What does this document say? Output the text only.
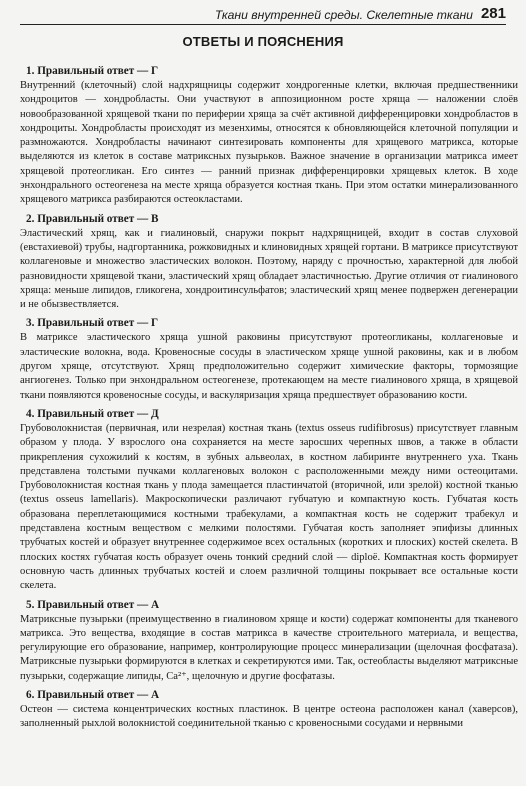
Ткани внутренней среды. Скелетные ткани 281
ОТВЕТЫ И ПОЯСНЕНИЯ

1. Правильный ответ — Г

Внутренний (клеточный) слой надхрящницы содержит хондрогенные клетки, включая предшественники хондроцитов — хондробласты. Они участвуют в аппозиционном росте хряща — наложении слоёв новообразованной хрящевой ткани по периферии хряща за счёт активной дифференцировки хондробластов в хондроциты. Хондробласты происходят из мезенхимы, относятся к обновляющейся клеточной популяции и размножаются. Хондробласты начинают синтезировать компоненты для хрящевого матрикса, которые выделяются из клеток в составе матриксных пузырьков. Важное значение в организации матрикса имеет хрящевой протеогликан. Его синтез — ранний признак дифференцировки хрящевых клеток. В ходе энхондрального остеогенеза на месте хряща образуется костная ткань. При этом остатки минерализованного хрящевого матрикса разбираются остеокластами.

2. Правильный ответ — В

Эластический хрящ, как и гиалиновый, снаружи покрыт надхрящницей, входит в состав слуховой (евстахиевой) трубы, надгортанника, рожковидных и клиновидных хрящей гортани. В матриксе присутствуют коллагеновые и множество эластических волокон. Поэтому, наряду с прочностью, характерной для любой разновидности хрящевой ткани, эластический хрящ обладает эластичностью. Другие отличия от гиалинового хряща: меньше липидов, гликогена, хондроитинсульфатов; эластический хрящ менее подвержен дегенерации и не обызвествляется.

3. Правильный ответ — Г

В матриксе эластического хряща ушной раковины присутствуют протеогликаны, коллагеновые и эластические волокна, вода. Кровеносные сосуды в эластическом хряще ушной раковины, как и в любом другом хряще, отсутствуют. Хрящ предположительно содержит химические факторы, тормозящие ангиогенез. Только при энхондральном остеогенезе, протекающем на месте гиалинового хряща, в хрящевой ткани появляются кровеносные сосуды, и васкуляризация хряща предшествует образованию кости.

4. Правильный ответ — Д

Грубоволокнистая (первичная, или незрелая) костная ткань (textus osseus rudifibrosus) присутствует главным образом у плода. У взрослого она сохраняется на месте заросших черепных швов, а также в области прикрепления сухожилий к костям, в зубных альвеолах, в костном лабиринте внутреннего уха. Ткань представлена толстыми пучками коллагеновых волокон с расположенными между ними остеоцитами. Грубоволокнистая костная ткань у плода замещается пластинчатой (вторичной, или зрелой) костной тканью (textus osseus lamellaris). Макроскопически различают губчатую и компактную кость. Губчатая кость образована переплетающимися костными трабекулами, а компактная кость не содержит трабекул и представлена костным веществом с мелкими полостями. Губчатая кость заполняет эпифизы длинных трубчатых костей и образует внутреннее содержимое всех остальных (коротких и плоских) костей скелета. В плоских костях губчатая кость образует очень тонкий средний слой — diploë. Компактная кость формирует основную часть длинных трубчатых костей и слоем различной толщины покрывает все остальные кости скелета.

5. Правильный ответ — А

Матриксные пузырьки (преимущественно в гиалиновом хряще и кости) содержат компоненты для тканевого матрикса. Это вещества, входящие в состав матрикса в качестве строительного материала, и вещества, регулирующие его образование, например, контролирующие процесс минерализации (щелочная фосфатаза). Матриксные пузырьки формируются в клетках и секретируются ими. Так, остеобласты выделяют матриксные пузырьки, содержащие липиды, Ca²⁺, щелочную и другие фосфатазы.

6. Правильный ответ — А

Остеон — система концентрических костных пластинок. В центре остеона расположен канал (хаверсов), заполненный рыхлой волокнистой соединительной тканью с кровеносными сосудами и нервными
